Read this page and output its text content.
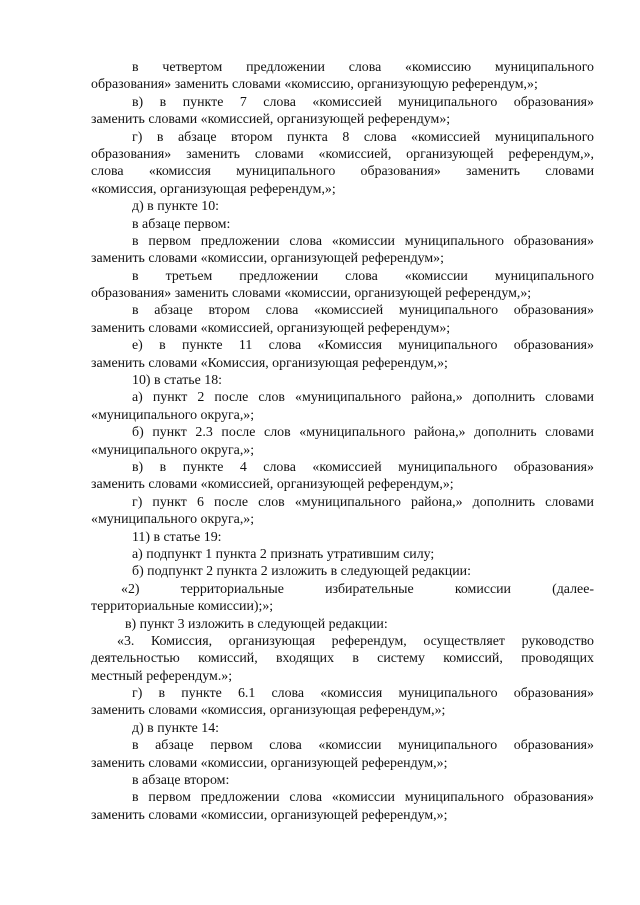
в четвертом предложении слова «комиссию муниципального
образования» заменить словами «комиссию, организующую референдум,»;
в) в пункте 7 слова «комиссией муниципального образования»
заменить словами «комиссией, организующей референдум»;
г) в абзаце втором пункта 8 слова «комиссией муниципального
образования» заменить словами «комиссией, организующей референдум,»,
слова «комиссия муниципального образования» заменить словами
«комиссия, организующая референдум,»;
д) в пункте 10:
в абзаце первом:
в первом предложении слова «комиссии муниципального образования»
заменить словами «комиссии, организующей референдум»;
в третьем предложении слова «комиссии муниципального
образования» заменить словами «комиссии, организующей референдум,»;
в абзаце втором слова «комиссией муниципального образования»
заменить словами «комиссией, организующей референдум»;
е) в пункте 11 слова «Комиссия муниципального образования»
заменить словами «Комиссия, организующая референдум,»;
10) в статье 18:
а) пункт 2 после слов «муниципального района,» дополнить словами
«муниципального округа,»;
б) пункт 2.3 после слов «муниципального района,» дополнить словами
«муниципального округа,»;
в) в пункте 4 слова «комиссией муниципального образования»
заменить словами «комиссией, организующей референдум,»;
г) пункт 6 после слов «муниципального района,» дополнить словами
«муниципального округа,»;
11) в статье 19:
а) подпункт 1 пункта 2 признать утратившим силу;
б) подпункт 2 пункта 2 изложить в следующей редакции:
«2) территориальные избирательные комиссии (далее-
территориальные комиссии);»;
в) пункт 3 изложить в следующей редакции:
«3. Комиссия, организующая референдум, осуществляет руководство
деятельностью комиссий, входящих в систему комиссий, проводящих
местный референдум.»;
г) в пункте 6.1 слова «комиссия муниципального образования»
заменить словами «комиссия, организующая референдум,»;
д) в пункте 14:
в абзаце первом слова «комиссии муниципального образования»
заменить словами «комиссии, организующей референдум,»;
в абзаце втором:
в первом предложении слова «комиссии муниципального образования»
заменить словами «комиссии, организующей референдум,»;
